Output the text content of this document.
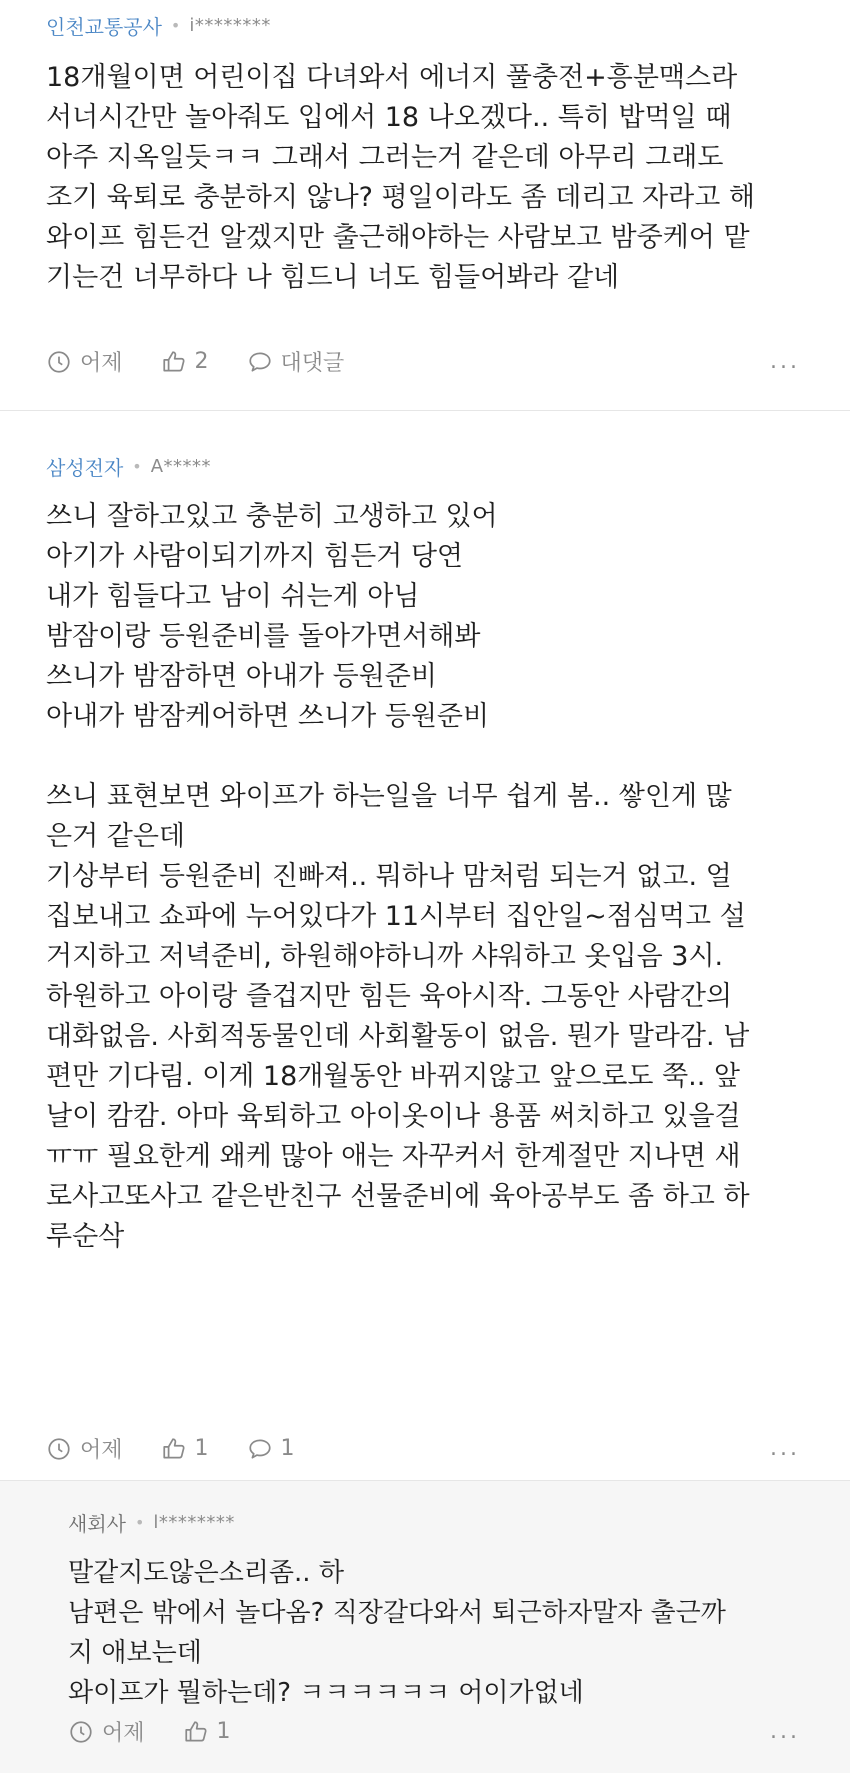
인천교통공사 • i********

18개월이면 어린이집 다녀와서 에너지 풀충전+흥분맥스라
서너시간만 놀아줘도 입에서 18 나오겠다.. 특히 밥먹일 때
아주 지옥일듯ㅋㅋ 그래서 그러는거 같은데 아무리 그래도
조기 육퇴로 충분하지 않나? 평일이라도 좀 데리고 자라고 해
와이프 힘든건 알겠지만 출근해야하는 사람보고 밤중케어 맡
기는건 너무하다 나 힘드니 너도 힘들어봐라 같네

어제	2	대댓글	...
삼성전자 • A*****

쓰니 잘하고있고 충분히 고생하고 있어
아기가 사람이되기까지 힘든거 당연
내가 힘들다고 남이 쉬는게 아님
밤잠이랑 등원준비를 돌아가면서해봐
쓰니가 밤잠하면 아내가 등원준비
아내가 밤잠케어하면 쓰니가 등원준비

쓰니 표현보면 와이프가 하는일을 너무 쉽게 봄.. 쌓인게 많
은거 같은데
기상부터 등원준비 진빠져.. 뭐하나 맘처럼 되는거 없고. 얼
집보내고 쇼파에 누어있다가 11시부터 집안일~점심먹고 설
거지하고 저녁준비, 하원해야하니까 샤워하고 옷입음 3시.
하원하고 아이랑 즐겁지만 힘든 육아시작. 그동안 사람간의
대화없음. 사회적동물인데 사회활동이 없음. 뭔가 말라감. 남
편만 기다림. 이게 18개월동안 바뀌지않고 앞으로도 쭉.. 앞
날이 캄캄. 아마 육퇴하고 아이옷이나 용품 써치하고 있을걸
ㅠㅠ 필요한게 왜케 많아 애는 자꾸커서 한계절만 지나면 새
로사고또사고 같은반친구 선물준비에 육아공부도 좀 하고 하
루순삭

어제	1	1	...
새회사 • l********

말같지도않은소리좀.. 하
남편은 밖에서 놀다옴? 직장갈다와서 퇴근하자말자 출근까
지 애보는데
와이프가 뭘하는데? ㅋㅋㅋㅋㅋㅋ 어이가없네

어제	1	...
